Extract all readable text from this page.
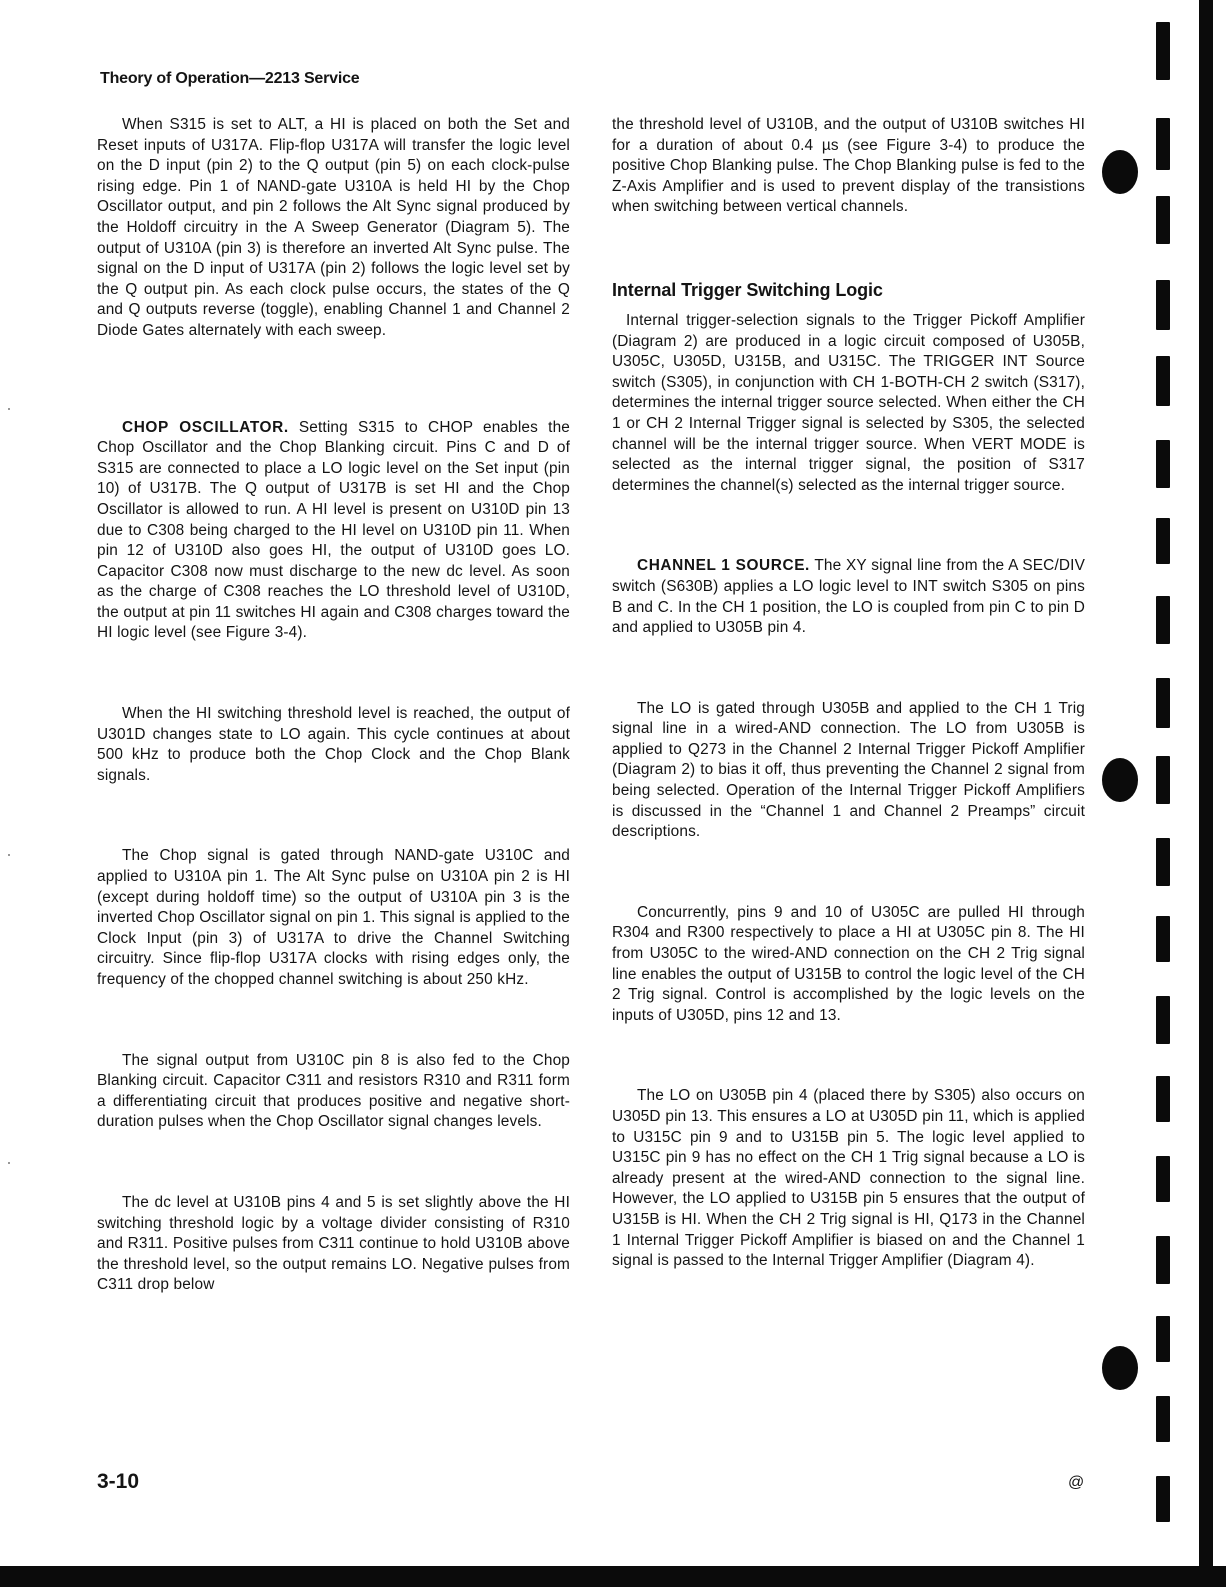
Theory of Operation—2213 Service

When S315 is set to ALT, a HI is placed on both the Set and Reset inputs of U317A. Flip-flop U317A will transfer the logic level on the D input (pin 2) to the Q output (pin 5) on each clock-pulse rising edge. Pin 1 of NAND-gate U310A is held HI by the Chop Oscillator output, and pin 2 follows the Alt Sync signal produced by the Holdoff circuitry in the A Sweep Generator (Diagram 5). The output of U310A (pin 3) is therefore an inverted Alt Sync pulse. The signal on the D input of U317A (pin 2) follows the logic level set by the Q output pin. As each clock pulse occurs, the states of the Q and Q outputs reverse (toggle), enabling Channel 1 and Channel 2 Diode Gates alternately with each sweep.

CHOP OSCILLATOR. Setting S315 to CHOP enables the Chop Oscillator and the Chop Blanking circuit. Pins C and D of S315 are connected to place a LO logic level on the Set input (pin 10) of U317B. The Q output of U317B is set HI and the Chop Oscillator is allowed to run. A HI level is present on U310D pin 13 due to C308 being charged to the HI level on U310D pin 11. When pin 12 of U310D also goes HI, the output of U310D goes LO. Capacitor C308 now must discharge to the new dc level. As soon as the charge of C308 reaches the LO threshold level of U310D, the output at pin 11 switches HI again and C308 charges toward the HI logic level (see Figure 3-4).

When the HI switching threshold level is reached, the output of U301D changes state to LO again. This cycle continues at about 500 kHz to produce both the Chop Clock and the Chop Blank signals.

The Chop signal is gated through NAND-gate U310C and applied to U310A pin 1. The Alt Sync pulse on U310A pin 2 is HI (except during holdoff time) so the output of U310A pin 3 is the inverted Chop Oscillator signal on pin 1. This signal is applied to the Clock Input (pin 3) of U317A to drive the Channel Switching circuitry. Since flip-flop U317A clocks with rising edges only, the frequency of the chopped channel switching is about 250 kHz.

The signal output from U310C pin 8 is also fed to the Chop Blanking circuit. Capacitor C311 and resistors R310 and R311 form a differentiating circuit that produces positive and negative short-duration pulses when the Chop Oscillator signal changes levels.

The dc level at U310B pins 4 and 5 is set slightly above the HI switching threshold logic by a voltage divider consisting of R310 and R311. Positive pulses from C311 continue to hold U310B above the threshold level, so the output remains LO. Negative pulses from C311 drop below

the threshold level of U310B, and the output of U310B switches HI for a duration of about 0.4 µs (see Figure 3-4) to produce the positive Chop Blanking pulse. The Chop Blanking pulse is fed to the Z-Axis Amplifier and is used to prevent display of the transistions when switching between vertical channels.

Internal Trigger Switching Logic

Internal trigger-selection signals to the Trigger Pickoff Amplifier (Diagram 2) are produced in a logic circuit composed of U305B, U305C, U305D, U315B, and U315C. The TRIGGER INT Source switch (S305), in conjunction with CH 1-BOTH-CH 2 switch (S317), determines the internal trigger source selected. When either the CH 1 or CH 2 Internal Trigger signal is selected by S305, the selected channel will be the internal trigger source. When VERT MODE is selected as the internal trigger signal, the position of S317 determines the channel(s) selected as the internal trigger source.

CHANNEL 1 SOURCE. The XY signal line from the A SEC/DIV switch (S630B) applies a LO logic level to INT switch S305 on pins B and C. In the CH 1 position, the LO is coupled from pin C to pin D and applied to U305B pin 4.

The LO is gated through U305B and applied to the CH 1 Trig signal line in a wired-AND connection. The LO from U305B is applied to Q273 in the Channel 2 Internal Trigger Pickoff Amplifier (Diagram 2) to bias it off, thus preventing the Channel 2 signal from being selected. Operation of the Internal Trigger Pickoff Amplifiers is discussed in the “Channel 1 and Channel 2 Preamps” circuit descriptions.

Concurrently, pins 9 and 10 of U305C are pulled HI through R304 and R300 respectively to place a HI at U305C pin 8. The HI from U305C to the wired-AND connection on the CH 2 Trig signal line enables the output of U315B to control the logic level of the CH 2 Trig signal. Control is accomplished by the logic levels on the inputs of U305D, pins 12 and 13.

The LO on U305B pin 4 (placed there by S305) also occurs on U305D pin 13. This ensures a LO at U305D pin 11, which is applied to U315C pin 9 and to U315B pin 5. The logic level applied to U315C pin 9 has no effect on the CH 1 Trig signal because a LO is already present at the wired-AND connection to the signal line. However, the LO applied to U315B pin 5 ensures that the output of U315B is HI. When the CH 2 Trig signal is HI, Q173 in the Channel 1 Internal Trigger Pickoff Amplifier is biased on and the Channel 1 signal is passed to the Internal Trigger Amplifier (Diagram 4).

3-10	@
